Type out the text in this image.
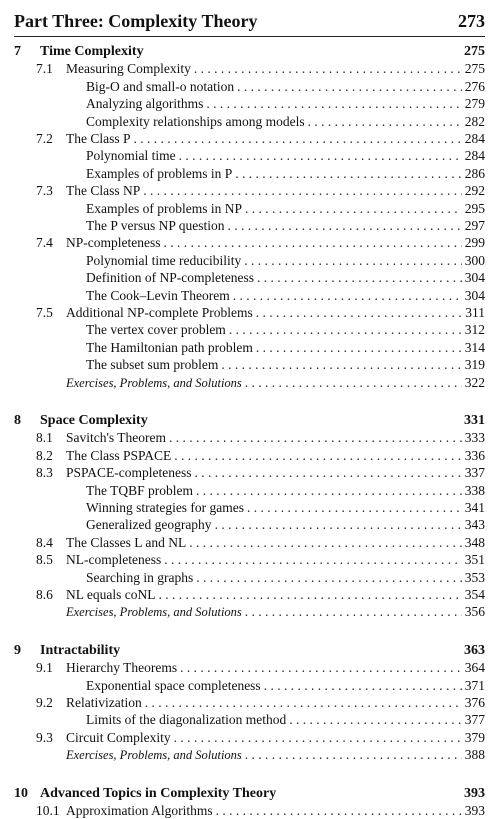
Part Three: Complexity Theory	273
7	Time Complexity	275
7.1 Measuring Complexity . . .	275
Big-O and small-o notation . . .	276
Analyzing algorithms . . .	279
Complexity relationships among models . . .	282
7.2 The Class P . . .	284
Polynomial time . . .	284
Examples of problems in P . . .	286
7.3 The Class NP . . .	292
Examples of problems in NP . . .	295
The P versus NP question . . .	297
7.4 NP-completeness . . .	299
Polynomial time reducibility . . .	300
Definition of NP-completeness . . .	304
The Cook–Levin Theorem . . .	304
7.5 Additional NP-complete Problems . . .	311
The vertex cover problem . . .	312
The Hamiltonian path problem . . .	314
The subset sum problem . . .	319
Exercises, Problems, and Solutions . . .	322
8	Space Complexity	331
8.1 Savitch's Theorem . . .	333
8.2 The Class PSPACE . . .	336
8.3 PSPACE-completeness . . .	337
The TQBF problem . . .	338
Winning strategies for games . . .	341
Generalized geography . . .	343
8.4 The Classes L and NL . . .	348
8.5 NL-completeness . . .	351
Searching in graphs . . .	353
8.6 NL equals coNL . . .	354
Exercises, Problems, and Solutions . . .	356
9	Intractability	363
9.1 Hierarchy Theorems . . .	364
Exponential space completeness . . .	371
9.2 Relativization . . .	376
Limits of the diagonalization method . . .	377
9.3 Circuit Complexity . . .	379
Exercises, Problems, and Solutions . . .	388
10 Advanced Topics in Complexity Theory	393
10.1 Approximation Algorithms . . .	393
